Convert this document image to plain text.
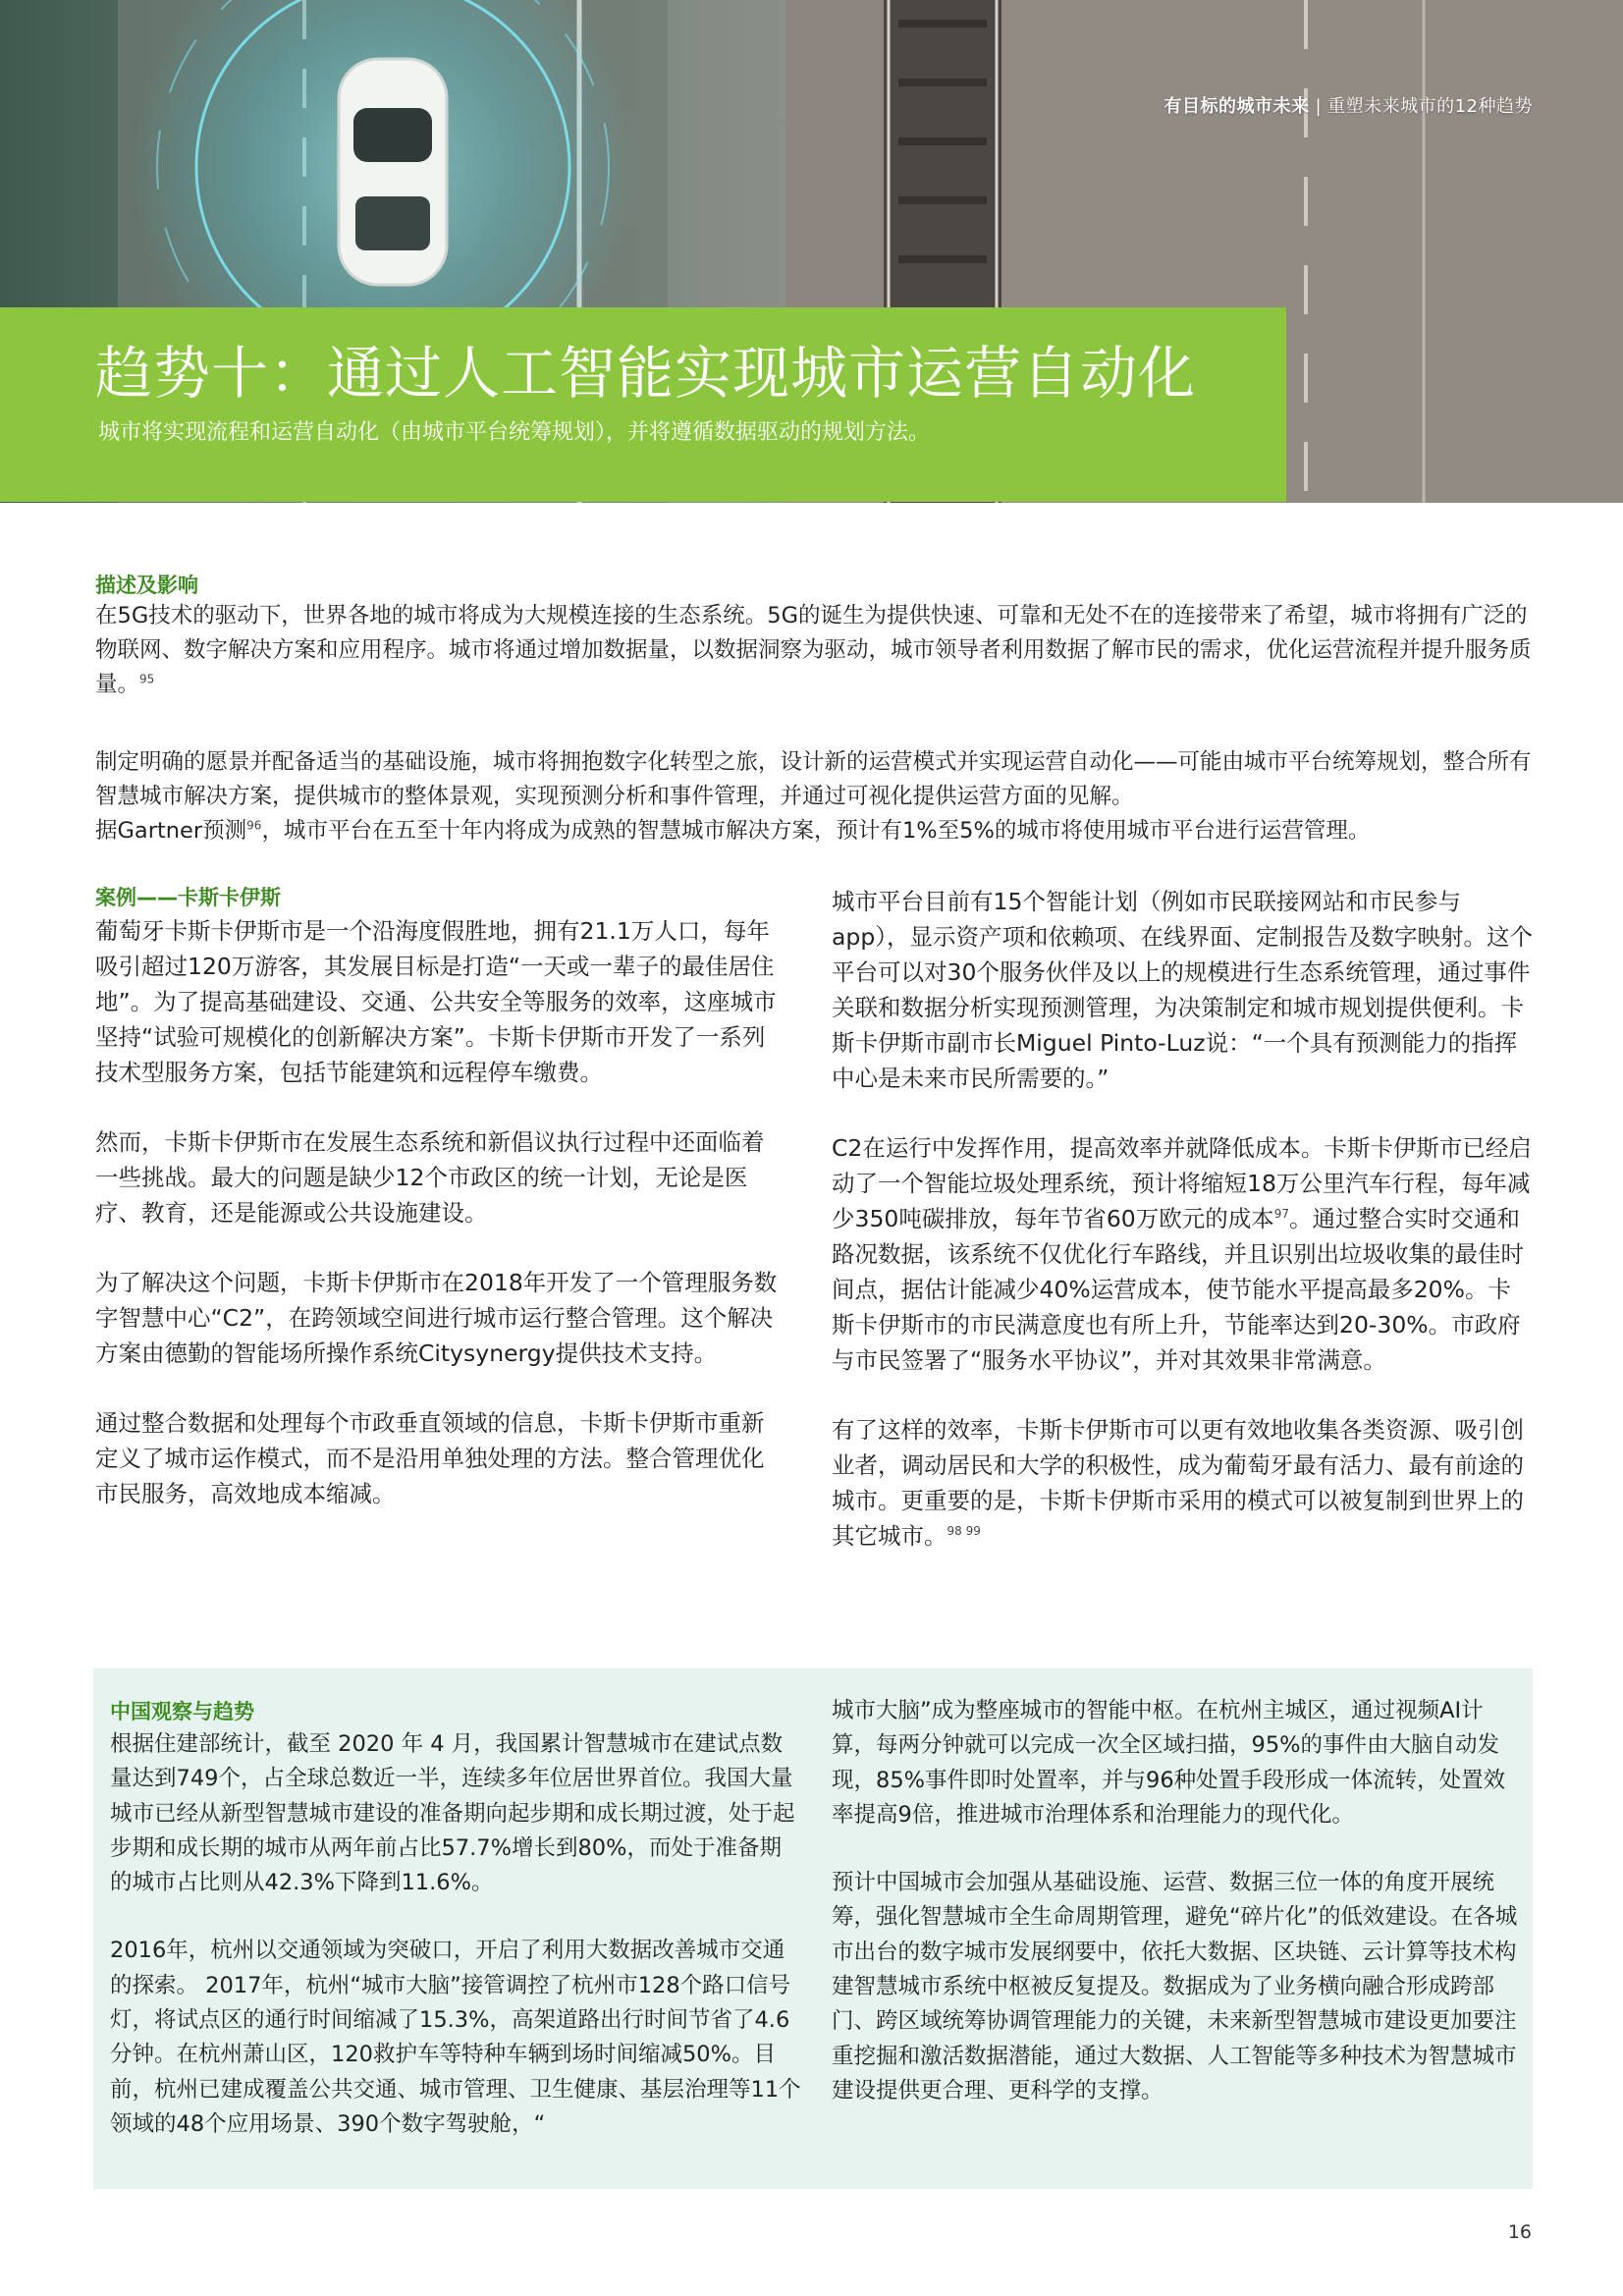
有目标的城市未来 | 重塑未来城市的12种趋势
趋势十：通过人工智能实现城市运营自动化

城市将实现流程和运营自动化（由城市平台统筹规划），并将遵循数据驱动的规划方法。

描述及影响

在5G技术的驱动下，世界各地的城市将成为大规模连接的生态系统。5G的诞生为提供快速、可靠和无处不在的连接带来了希望，城市将拥有广泛的物联网、数字解决方案和应用程序。城市将通过增加数据量，以数据洞察为驱动，城市领导者利用数据了解市民的需求，优化运营流程并提升服务质量。$^{95}$

制定明确的愿景并配备适当的基础设施，城市将拥抱数字化转型之旅，设计新的运营模式并实现运营自动化——可能由城市平台统筹规划，整合所有智慧城市解决方案，提供城市的整体景观，实现预测分析和事件管理，并通过可视化提供运营方面的见解。

据Gartner预测$^{96}$，城市平台在五至十年内将成为成熟的智慧城市解决方案，预计有1%至5%的城市将使用城市平台进行运营管理。

案例——卡斯卡伊斯

葡萄牙卡斯卡伊斯市是一个沿海度假胜地，拥有21.1万人口，每年吸引超过120万游客，其发展目标是打造“一天或一辈子的最佳居住地”。为了提高基础建设、交通、公共安全等服务的效率，这座城市坚持“试验可规模化的创新解决方案”。卡斯卡伊斯市开发了一系列技术型服务方案，包括节能建筑和远程停车缴费。

然而，卡斯卡伊斯市在发展生态系统和新倡议执行过程中还面临着一些挑战。最大的问题是缺少12个市政区的统一计划，无论是医疗、教育，还是能源或公共设施建设。

为了解决这个问题，卡斯卡伊斯市在2018年开发了一个管理服务数字智慧中心“C2”，在跨领域空间进行城市运行整合管理。这个解决方案由德勤的智能场所操作系统Citysynergy提供技术支持。

通过整合数据和处理每个市政垂直领域的信息，卡斯卡伊斯市重新定义了城市运作模式，而不是沿用单独处理的方法。整合管理优化市民服务，高效地成本缩减。

城市平台目前有15个智能计划（例如市民联接网站和市民参与app），显示资产项和依赖项、在线界面、定制报告及数字映射。这个平台可以对30个服务伙伴及以上的规模进行生态系统管理，通过事件关联和数据分析实现预测管理，为决策制定和城市规划提供便利。卡斯卡伊斯市副市长Miguel Pinto-Luz说：“一个具有预测能力的指挥中心是未来市民所需要的。”

C2在运行中发挥作用，提高效率并就降低成本。卡斯卡伊斯市已经启动了一个智能垃圾处理系统，预计将缩短18万公里汽车行程，每年减少350吨碳排放，每年节省60万欧元的成本$^{97}$。通过整合实时交通和路况数据，该系统不仅优化行车路线，并且识别出垃圾收集的最佳时间点，据估计能减少40%运营成本，使节能水平提高最多20%。卡斯卡伊斯市的市民满意度也有所上升，节能率达到20-30%。市政府与市民签署了“服务水平协议”，并对其效果非常满意。

有了这样的效率，卡斯卡伊斯市可以更有效地收集各类资源、吸引创业者，调动居民和大学的积极性，成为葡萄牙最有活力、最有前途的城市。更重要的是，卡斯卡伊斯市采用的模式可以被复制到世界上的其它城市。$^{98 99}$

中国观察与趋势

根据住建部统计，截至 2020 年 4 月，我国累计智慧城市在建试点数量达到749个，占全球总数近一半，连续多年位居世界首位。我国大量城市已经从新型智慧城市建设的准备期向起步期和成长期过渡，处于起步期和成长期的城市从两年前占比57.7%增长到80%，而处于准备期的城市占比则从42.3%下降到11.6%。

2016年，杭州以交通领域为突破口，开启了利用大数据改善城市交通的探索。 2017年，杭州“城市大脑”接管调控了杭州市128个路口信号灯，将试点区的通行时间缩减了15.3%，高架道路出行时间节省了4.6分钟。在杭州萧山区，120救护车等特种车辆到场时间缩减50%。目前，杭州已建成覆盖公共交通、城市管理、卫生健康、基层治理等11个领域的48个应用场景、390个数字驾驶舱，“

城市大脑”成为整座城市的智能中枢。在杭州主城区，通过视频AI计算，每两分钟就可以完成一次全区域扫描，95%的事件由大脑自动发现，85%事件即时处置率，并与96种处置手段形成一体流转，处置效率提高9倍，推进城市治理体系和治理能力的现代化。

预计中国城市会加强从基础设施、运营、数据三位一体的角度开展统筹，强化智慧城市全生命周期管理，避免“碎片化”的低效建设。在各城市出台的数字城市发展纲要中，依托大数据、区块链、云计算等技术构建智慧城市系统中枢被反复提及。数据成为了业务横向融合形成跨部门、跨区域统筹协调管理能力的关键，未来新型智慧城市建设更加要注重挖掘和激活数据潜能，通过大数据、人工智能等多种技术为智慧城市建设提供更合理、更科学的支撑。

16
